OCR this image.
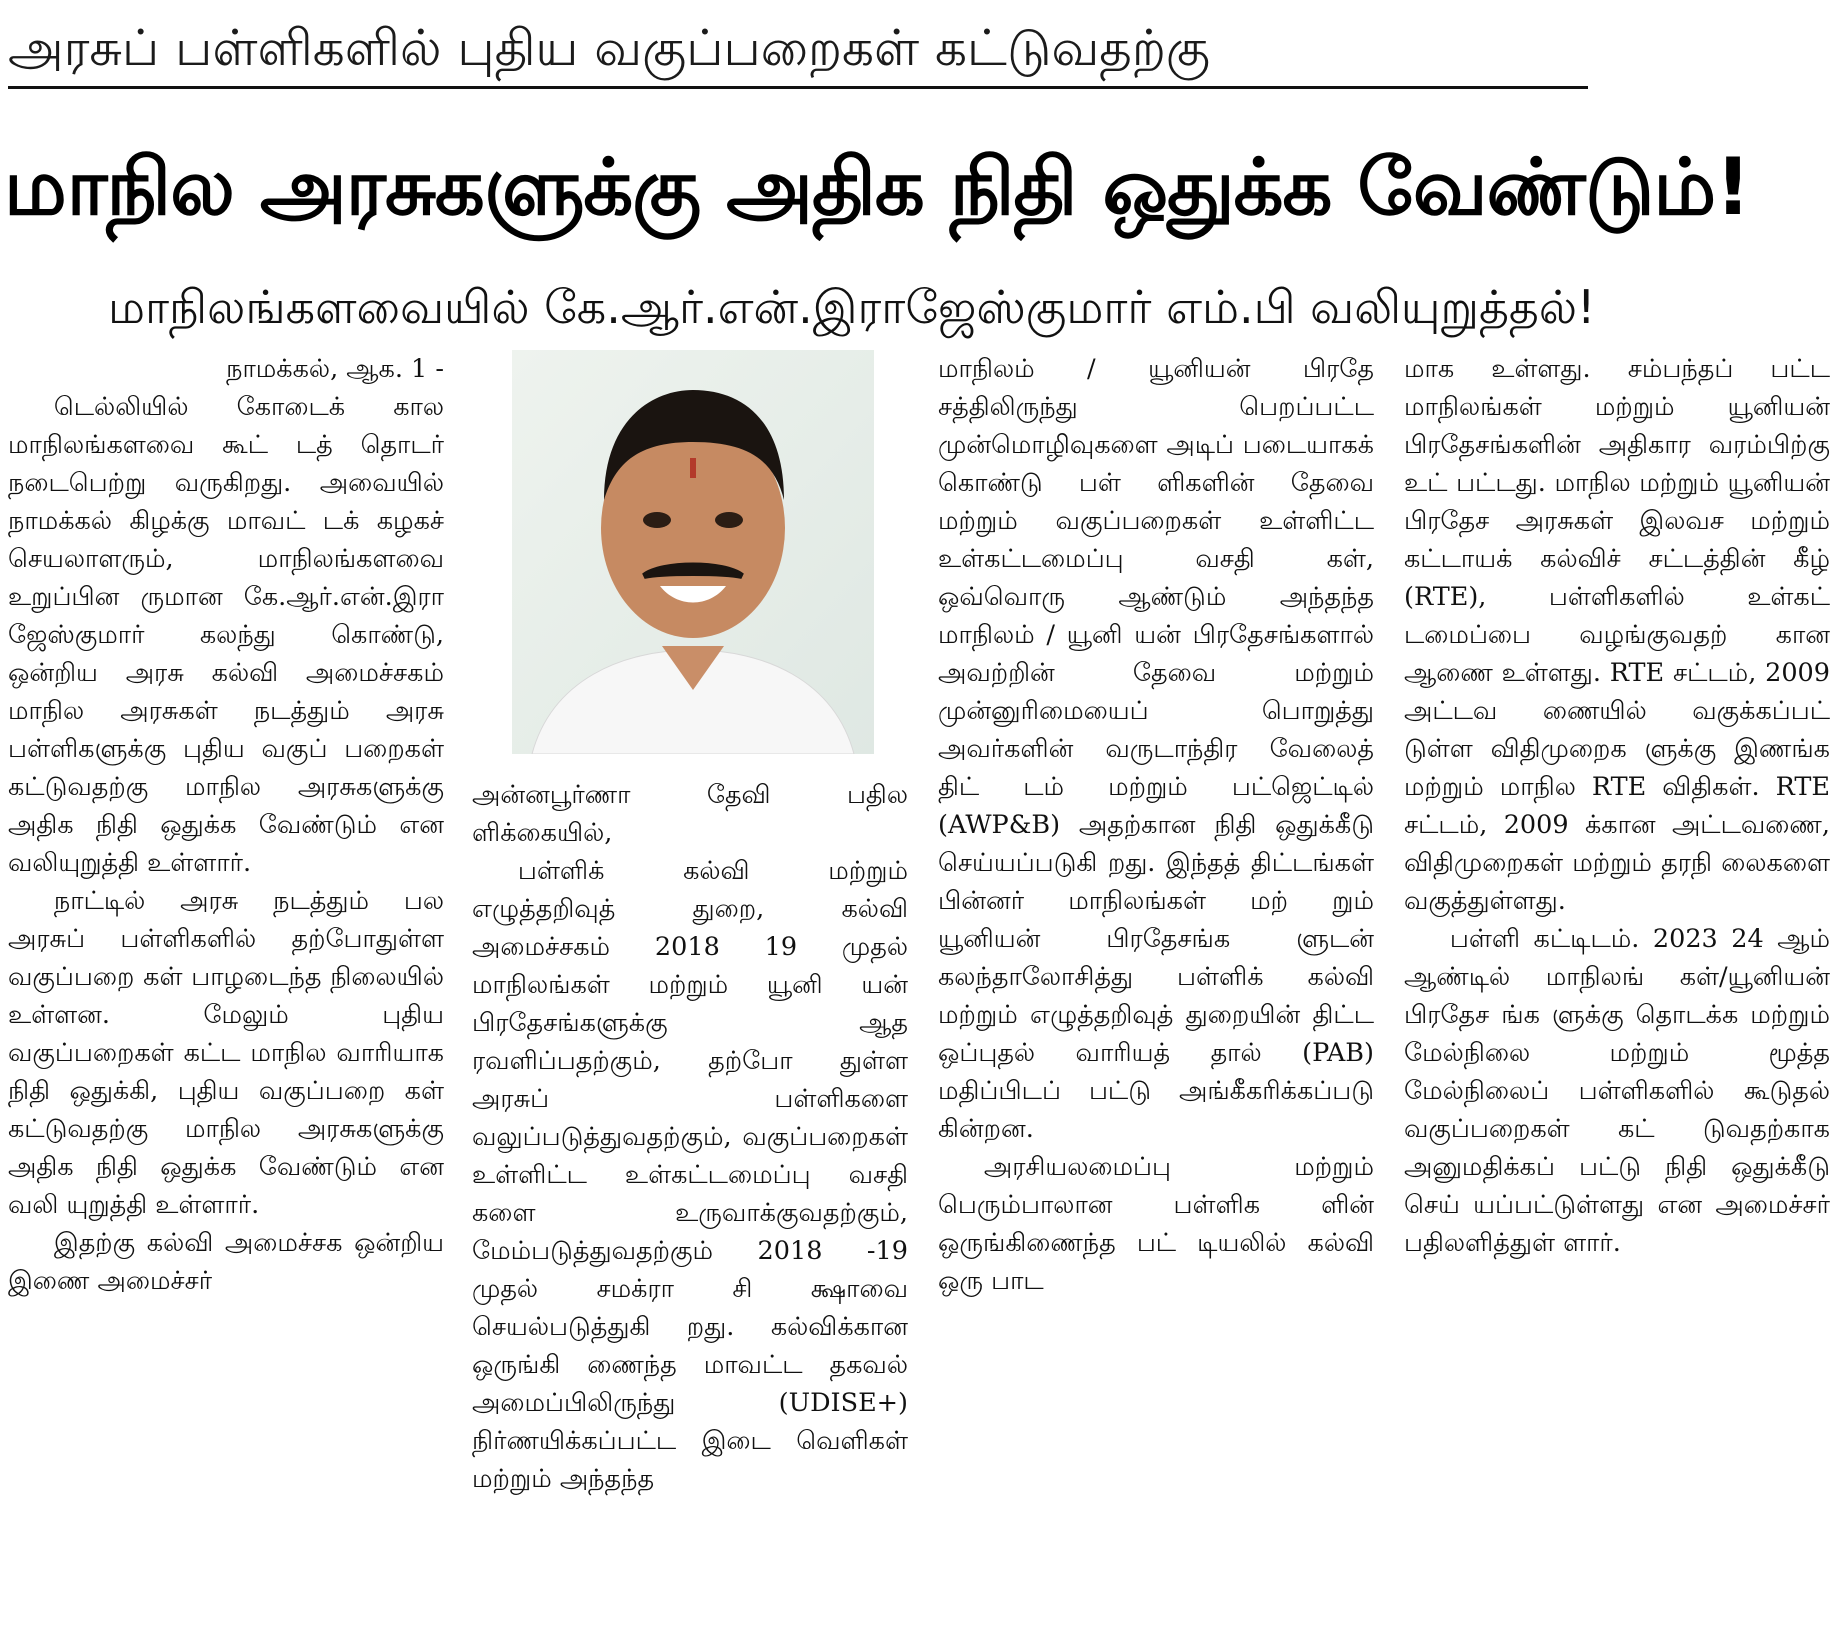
அரசுப் பள்ளிகளில் புதிய வகுப்பறைகள் கட்டுவதற்கு
மாநில அரசுகளுக்கு அதிக நிதி ஒதுக்க வேண்டும்!
மாநிலங்களவையில் கே.ஆர்.என்.இராஜேஸ்குமார் எம்.பி வலியுறுத்தல்!

நாமக்கல், ஆக. 1 -

டெல்லியில் கோடைக் கால மாநிலங்களவை கூட் டத் தொடர் நடைபெற்று வருகிறது. அவையில் நாமக்கல் கிழக்கு மாவட் டக் கழகச் செயலாளரும், மாநிலங்களவை உறுப்பின ருமான கே.ஆர்.என்.இரா ஜேஸ்குமார் கலந்து கொண்டு, ஒன்றிய அரசு கல்வி அமைச்சகம் மாநில அரசுகள் நடத்தும் அரசு பள்ளிகளுக்கு புதிய வகுப் பறைகள் கட்டுவதற்கு மாநில அரசுகளுக்கு அதிக நிதி ஒதுக்க வேண்டும் என வலியுறுத்தி உள்ளார்.

நாட்டில் அரசு நடத்தும் பல அரசுப் பள்ளிகளில் தற்போதுள்ள வகுப்பறை கள் பாழடைந்த நிலையில் உள்ளன. மேலும் புதிய வகுப்பறைகள் கட்ட மாநில வாரியாக நிதி ஒதுக்கி, புதிய வகுப்பறை கள் கட்டுவதற்கு மாநில அரசுகளுக்கு அதிக நிதி ஒதுக்க வேண்டும் என வலி யுறுத்தி உள்ளார்.

இதற்கு கல்வி அமைச்சக ஒன்றிய இணை அமைச்சர்

அன்னபூர்ணா தேவி பதில ளிக்கையில்,

பள்ளிக் கல்வி மற்றும் எழுத்தறிவுத் துறை, கல்வி அமைச்சகம் 2018 19 முதல் மாநிலங்கள் மற்றும் யூனி யன் பிரதேசங்களுக்கு ஆத ரவளிப்பதற்கும், தற்போ துள்ள அரசுப் பள்ளிகளை வலுப்படுத்துவதற்கும், வகுப்பறைகள் உள்ளிட்ட உள்கட்டமைப்பு வசதி களை உருவாக்குவதற்கும், மேம்படுத்துவதற்கும் 2018 -19 முதல் சமக்ரா சி க்ஷாவை செயல்படுத்துகி றது. கல்விக்கான ஒருங்கி ணைந்த மாவட்ட தகவல் அமைப்பிலிருந்து (UDISE+) நிர்ணயிக்கப்பட்ட இடை வெளிகள் மற்றும் அந்தந்த

மாநிலம் / யூனியன் பிரதே சத்திலிருந்து பெறப்பட்ட முன்மொழிவுகளை அடிப் படையாகக் கொண்டு பள் ளிகளின் தேவை மற்றும் வகுப்பறைகள் உள்ளிட்ட உள்கட்டமைப்பு வசதி கள், ஒவ்வொரு ஆண்டும் அந்தந்த மாநிலம் / யூனி யன் பிரதேசங்களால் அவற்றின் தேவை மற்றும் முன்னுரிமையைப் பொறுத்து அவர்களின் வருடாந்திர வேலைத் திட் டம் மற்றும் பட்ஜெட்டில் (AWP&B) அதற்கான நிதி ஒதுக்கீடு செய்யப்படுகி றது. இந்தத் திட்டங்கள் பின்னர் மாநிலங்கள் மற் றும் யூனியன் பிரதேசங்க ளுடன் கலந்தாலோசித்து பள்ளிக் கல்வி மற்றும் எழுத்தறிவுத் துறையின் திட்ட ஒப்புதல் வாரியத் தால் (PAB) மதிப்பிடப் பட்டு அங்கீகரிக்கப்படு கின்றன.

அரசியலமைப்பு மற்றும் பெரும்பாலான பள்ளிக ளின் ஒருங்கிணைந்த பட் டியலில் கல்வி ஒரு பாட

மாக உள்ளது. சம்பந்தப் பட்ட மாநிலங்கள் மற்றும் யூனியன் பிரதேசங்களின் அதிகார வரம்பிற்கு உட் பட்டது. மாநில மற்றும் யூனியன் பிரதேச அரசுகள் இலவச மற்றும் கட்டாயக் கல்விச் சட்டத்தின் கீழ் (RTE), பள்ளிகளில் உள்கட் டமைப்பை வழங்குவதற் கான ஆணை உள்ளது. RTE சட்டம், 2009 அட்டவ ணையில் வகுக்கப்பட் டுள்ள விதிமுறைக ளுக்கு இணங்க மற்றும் மாநில RTE விதிகள். RTE சட்டம், 2009 க்கான அட்டவணை, விதிமுறைகள் மற்றும் தரநி லைகளை வகுத்துள்ளது.

பள்ளி கட்டிடம். 2023 24 ஆம் ஆண்டில் மாநிலங் கள்/யூனியன் பிரதேச ங்க ளுக்கு தொடக்க மற்றும் மேல்நிலை மற்றும் மூத்த மேல்நிலைப் பள்ளிகளில் கூடுதல் வகுப்பறைகள் கட் டுவதற்காக அனுமதிக்கப் பட்டு நிதி ஒதுக்கீடு செய் யப்பட்டுள்ளது என அமைச்சர் பதிலளித்துள் ளார்.
